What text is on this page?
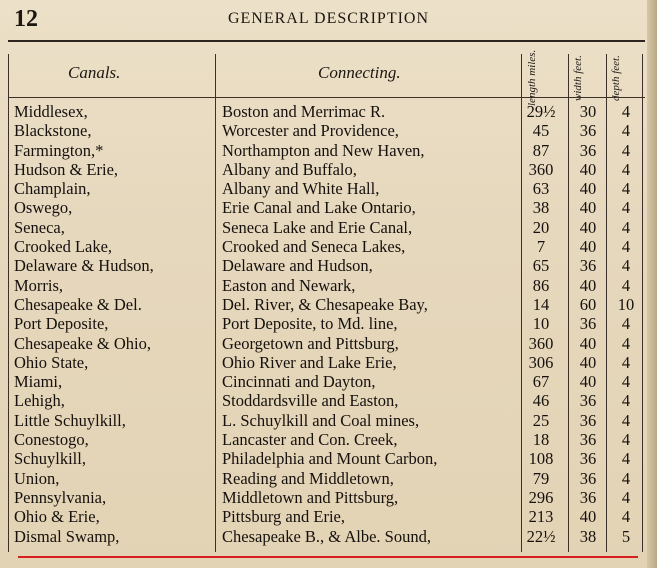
12	GENERAL DESCRIPTION
Canals.	Connecting.	length miles.	width feet.	depth feet.
Middlesex,	Boston and Merrimac R.	29½	30	4
Blackstone,	Worcester and Providence,	45	36	4
Farmington,*	Northampton and New Haven,	87	36	4
Hudson & Erie,	Albany and Buffalo,	360	40	4
Champlain,	Albany and White Hall,	63	40	4
Oswego,	Erie Canal and Lake Ontario,	38	40	4
Seneca,	Seneca Lake and Erie Canal,	20	40	4
Crooked Lake,	Crooked and Seneca Lakes,	7	40	4
Delaware & Hudson,	Delaware and Hudson,	65	36	4
Morris,	Easton and Newark,	86	40	4
Chesapeake & Del.	Del. River, & Chesapeake Bay,	14	60	10
Port Deposite,	Port Deposite, to Md. line,	10	36	4
Chesapeake & Ohio,	Georgetown and Pittsburg,	360	40	4
Ohio State,	Ohio River and Lake Erie,	306	40	4
Miami,	Cincinnati and Dayton,	67	40	4
Lehigh,	Stoddardsville and Easton,	46	36	4
Little Schuylkill,	L. Schuylkill and Coal mines,	25	36	4
Conestogo,	Lancaster and Con. Creek,	18	36	4
Schuylkill,	Philadelphia and Mount Carbon,	108	36	4
Union,	Reading and Middletown,	79	36	4
Pennsylvania,	Middletown and Pittsburg,	296	36	4
Ohio & Erie,	Pittsburg and Erie,	213	40	4
Dismal Swamp,	Chesapeake B., & Albe. Sound,	22½	38	5
